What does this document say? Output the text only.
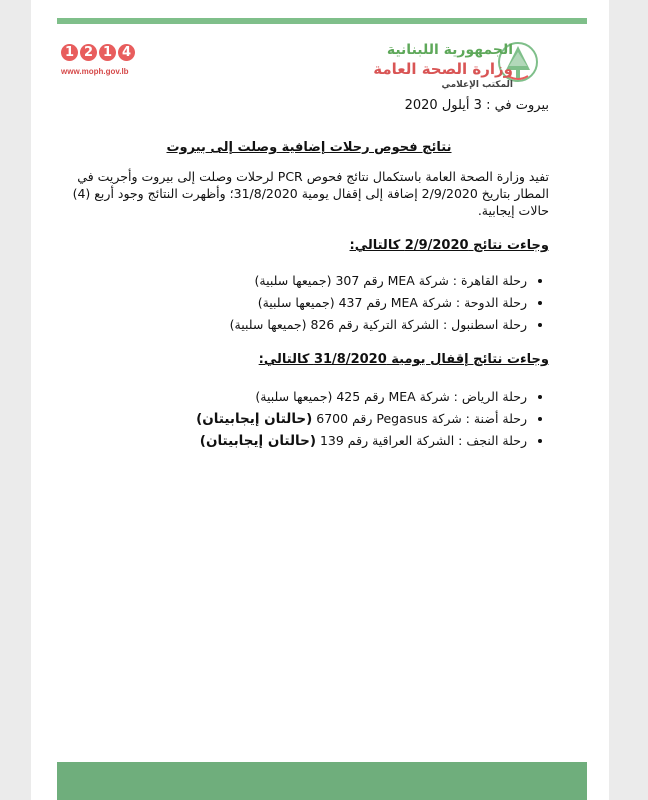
1 2 1 4
www.moph.gov.lb
الجمهورية اللبنانية
وزارة الصحة العامة
المكتب الإعلامي
بيروت في : 3 أيلول 2020
نتائج فحوص رحلات إضافية وصلت إلى بيروت
تفيد وزارة الصحة العامة باستكمال نتائج فحوص PCR لرحلات وصلت إلى بيروت وأجريت في المطار بتاريخ 2/9/2020 إضافة إلى إقفال يومية 31/8/2020؛ وأظهرت النتائج وجود أربع (4) حالات إيجابية.
وجاءت نتائج 2/9/2020 كالتالي:
• رحلة القاهرة : شركة MEA رقم 307 (جميعها سلبية)
• رحلة الدوحة : شركة MEA رقم 437 (جميعها سلبية)
• رحلة اسطنبول : الشركة التركية رقم 826 (جميعها سلبية)
وجاءت نتائج إقفال يومية 31/8/2020 كالتالي:
• رحلة الرياض : شركة MEA رقم 425 (جميعها سلبية)
• رحلة أضنة : شركة Pegasus رقم 6700 (حالتان إيجابيتان)
• رحلة النجف : الشركة العراقية رقم 139 (حالتان إيجابيتان)
